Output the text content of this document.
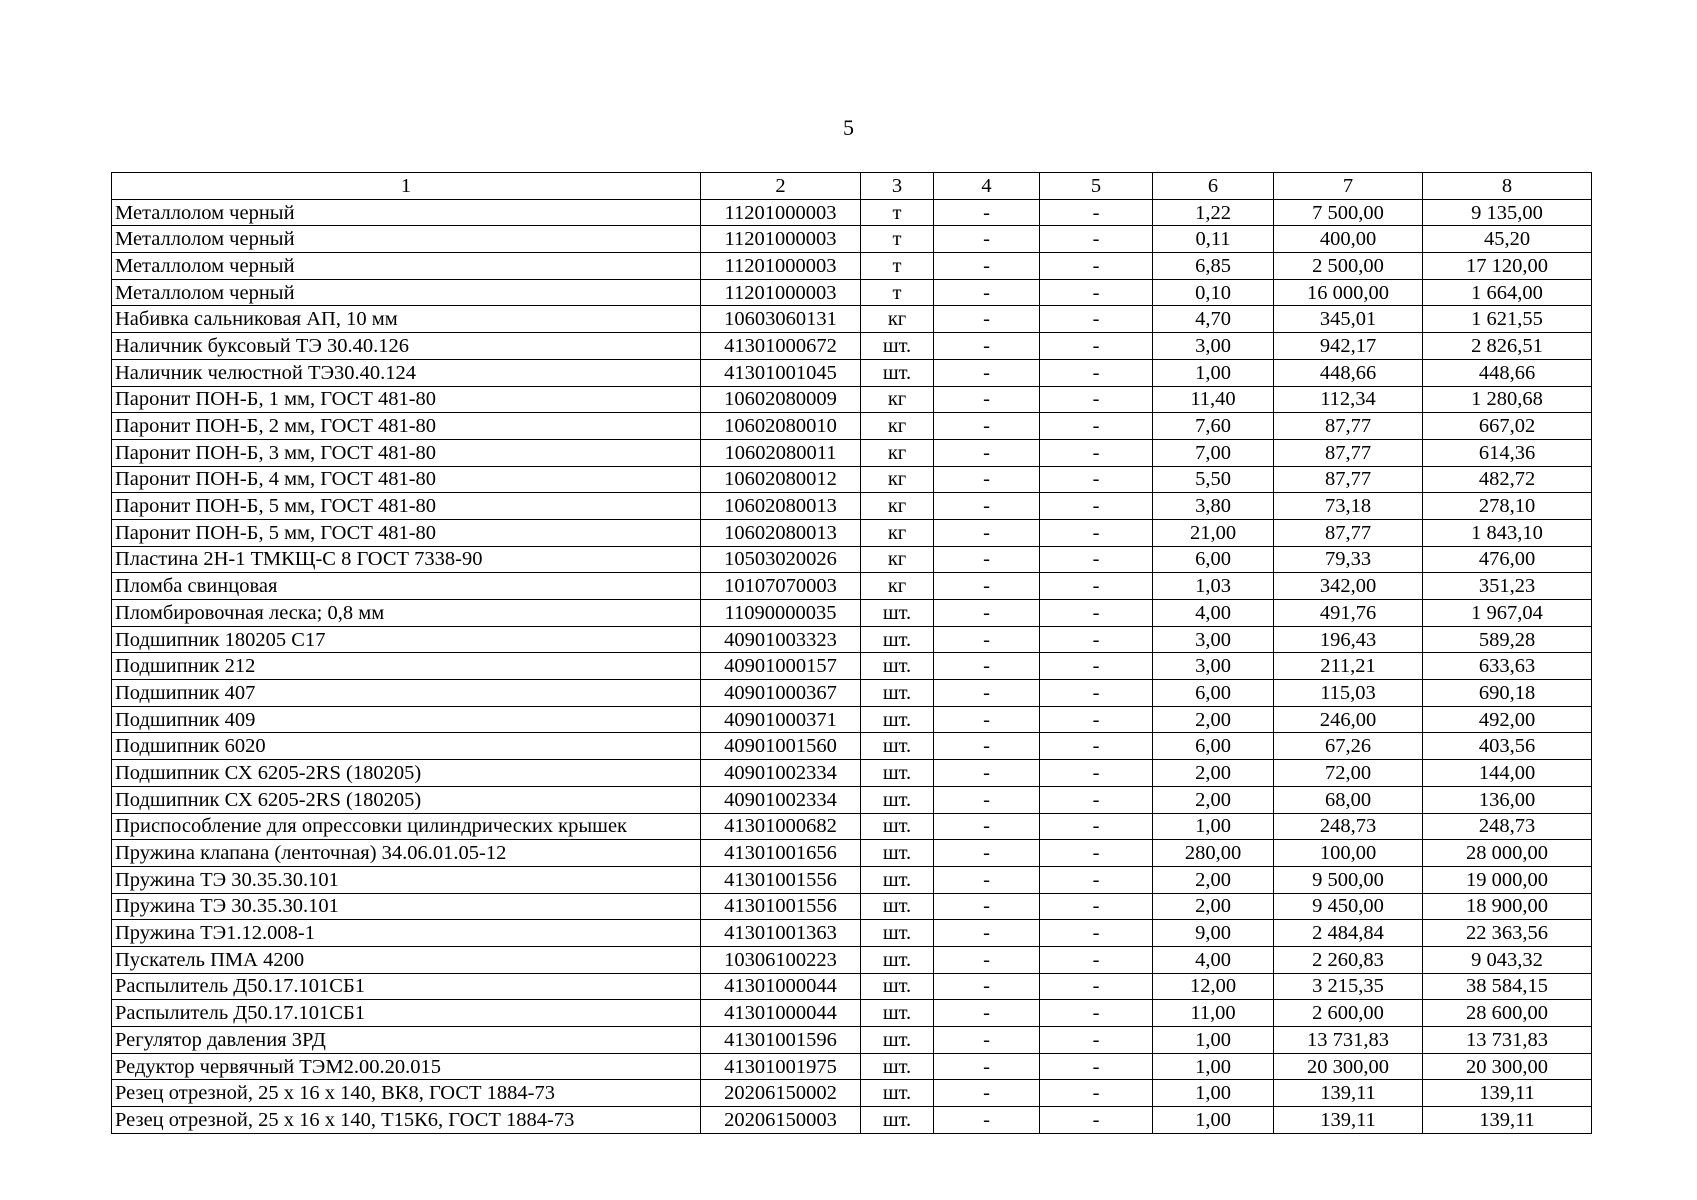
5
1	2	3	4	5	6	7	8
Металлолом черный	11201000003	т	-	-	1,22	7 500,00	9 135,00
Металлолом черный	11201000003	т	-	-	0,11	400,00	45,20
Металлолом черный	11201000003	т	-	-	6,85	2 500,00	17 120,00
Металлолом черный	11201000003	т	-	-	0,10	16 000,00	1 664,00
Набивка сальниковая АП, 10 мм	10603060131	кг	-	-	4,70	345,01	1 621,55
Наличник буксовый ТЭ 30.40.126	41301000672	шт.	-	-	3,00	942,17	2 826,51
Наличник челюстной ТЭ30.40.124	41301001045	шт.	-	-	1,00	448,66	448,66
Паронит ПОН-Б, 1 мм, ГОСТ 481-80	10602080009	кг	-	-	11,40	112,34	1 280,68
Паронит ПОН-Б, 2 мм, ГОСТ 481-80	10602080010	кг	-	-	7,60	87,77	667,02
Паронит ПОН-Б, 3 мм, ГОСТ 481-80	10602080011	кг	-	-	7,00	87,77	614,36
Паронит ПОН-Б, 4 мм, ГОСТ 481-80	10602080012	кг	-	-	5,50	87,77	482,72
Паронит ПОН-Б, 5 мм, ГОСТ 481-80	10602080013	кг	-	-	3,80	73,18	278,10
Паронит ПОН-Б, 5 мм, ГОСТ 481-80	10602080013	кг	-	-	21,00	87,77	1 843,10
Пластина 2Н-1 ТМКЩ-С 8 ГОСТ 7338-90	10503020026	кг	-	-	6,00	79,33	476,00
Пломба свинцовая	10107070003	кг	-	-	1,03	342,00	351,23
Пломбировочная леска; 0,8 мм	11090000035	шт.	-	-	4,00	491,76	1 967,04
Подшипник 180205 С17	40901003323	шт.	-	-	3,00	196,43	589,28
Подшипник 212	40901000157	шт.	-	-	3,00	211,21	633,63
Подшипник 407	40901000367	шт.	-	-	6,00	115,03	690,18
Подшипник 409	40901000371	шт.	-	-	2,00	246,00	492,00
Подшипник 6020	40901001560	шт.	-	-	6,00	67,26	403,56
Подшипник СХ 6205-2RS (180205)	40901002334	шт.	-	-	2,00	72,00	144,00
Подшипник СХ 6205-2RS (180205)	40901002334	шт.	-	-	2,00	68,00	136,00
Приспособление для опрессовки цилиндрических крышек	41301000682	шт.	-	-	1,00	248,73	248,73
Пружина клапана (ленточная) 34.06.01.05-12	41301001656	шт.	-	-	280,00	100,00	28 000,00
Пружина ТЭ 30.35.30.101	41301001556	шт.	-	-	2,00	9 500,00	19 000,00
Пружина ТЭ 30.35.30.101	41301001556	шт.	-	-	2,00	9 450,00	18 900,00
Пружина ТЭ1.12.008-1	41301001363	шт.	-	-	9,00	2 484,84	22 363,56
Пускатель ПМА 4200	10306100223	шт.	-	-	4,00	2 260,83	9 043,32
Распылитель Д50.17.101СБ1	41301000044	шт.	-	-	12,00	3 215,35	38 584,15
Распылитель Д50.17.101СБ1	41301000044	шт.	-	-	11,00	2 600,00	28 600,00
Регулятор давления 3РД	41301001596	шт.	-	-	1,00	13 731,83	13 731,83
Редуктор червячный ТЭМ2.00.20.015	41301001975	шт.	-	-	1,00	20 300,00	20 300,00
Резец отрезной, 25 х 16 х 140, ВК8, ГОСТ 1884-73	20206150002	шт.	-	-	1,00	139,11	139,11
Резец отрезной, 25 х 16 х 140, Т15К6, ГОСТ 1884-73	20206150003	шт.	-	-	1,00	139,11	139,11
